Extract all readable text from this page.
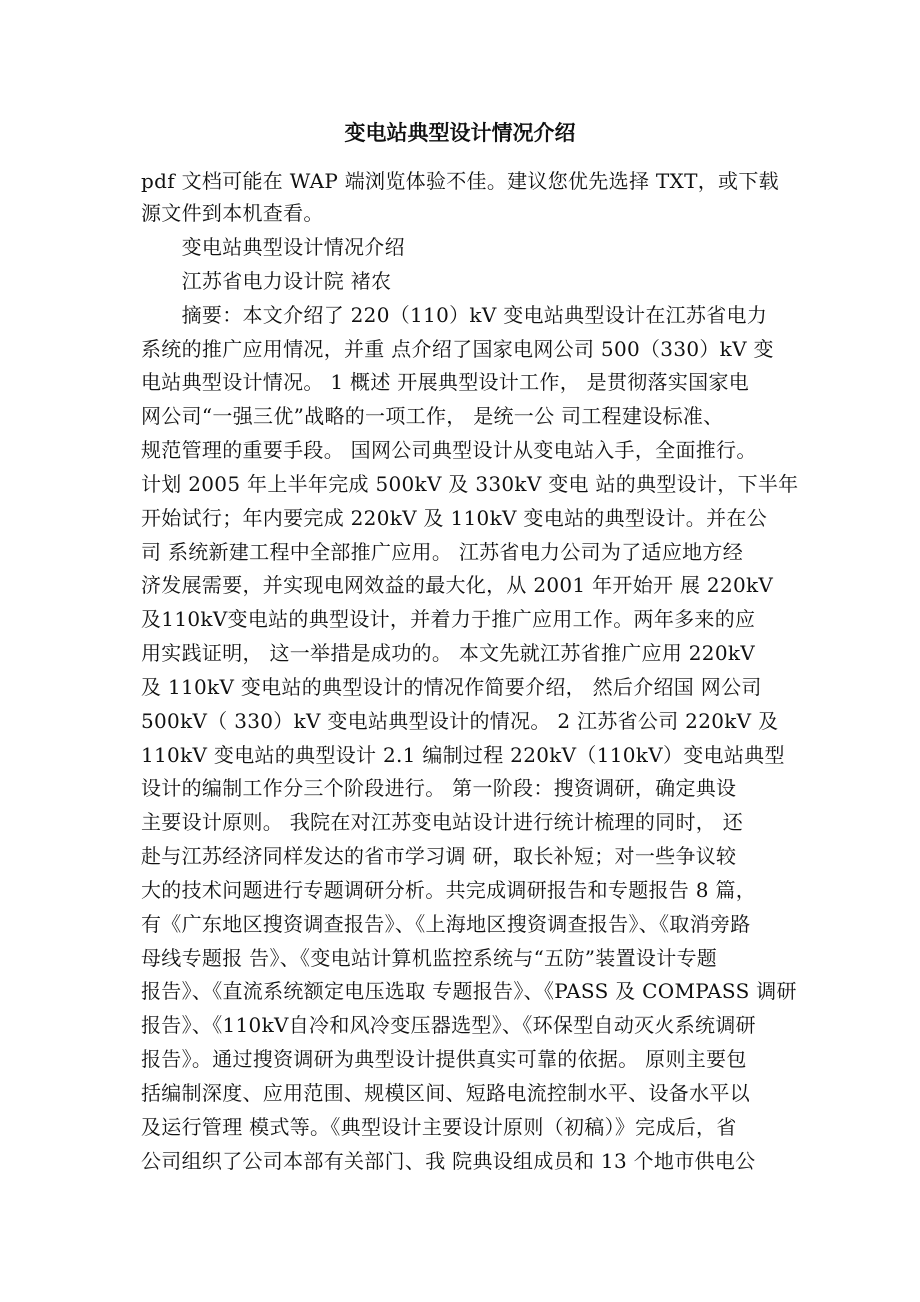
变电站典型设计情况介绍
pdf 文档可能在 WAP 端浏览体验不佳。建议您优先选择 TXT，或下载
源文件到本机查看。
　　变电站典型设计情况介绍
　　江苏省电力设计院 褚农
　　摘要：本文介绍了 220（110）kV 变电站典型设计在江苏省电力
系统的推广应用情况，并重 点介绍了国家电网公司 500（330）kV 变
电站典型设计情况。 1 概述 开展典型设计工作， 是贯彻落实国家电
网公司“一强三优”战略的一项工作， 是统一公 司工程建设标准、
规范管理的重要手段。 国网公司典型设计从变电站入手，全面推行。
计划 2005 年上半年完成 500kV 及 330kV 变电 站的典型设计，下半年
开始试行；年内要完成 220kV 及 110kV 变电站的典型设计。并在公
司 系统新建工程中全部推广应用。 江苏省电力公司为了适应地方经
济发展需要，并实现电网效益的最大化，从 2001 年开始开 展 220kV
及110kV变电站的典型设计，并着力于推广应用工作。两年多来的应
用实践证明， 这一举措是成功的。 本文先就江苏省推广应用 220kV
及 110kV 变电站的典型设计的情况作简要介绍， 然后介绍国 网公司
500kV（ 330）kV 变电站典型设计的情况。 2 江苏省公司 220kV 及
110kV 变电站的典型设计 2.1 编制过程 220kV（110kV）变电站典型
设计的编制工作分三个阶段进行。 第一阶段：搜资调研，确定典设
主要设计原则。 我院在对江苏变电站设计进行统计梳理的同时， 还
赴与江苏经济同样发达的省市学习调 研，取长补短；对一些争议较
大的技术问题进行专题调研分析。共完成调研报告和专题报告 8 篇，
有《广东地区搜资调查报告》、《上海地区搜资调查报告》、《取消旁路
母线专题报 告》、《变电站计算机监控系统与“五防”装置设计专题
报告》、《直流系统额定电压选取 专题报告》、《PASS 及 COMPASS 调研
报告》、《110kV自冷和风冷变压器选型》、《环保型自动灭火系统调研
报告》。通过搜资调研为典型设计提供真实可靠的依据。 原则主要包
括编制深度、应用范围、规模区间、短路电流控制水平、设备水平以
及运行管理 模式等。《典型设计主要设计原则（初稿）》完成后，省
公司组织了公司本部有关部门、我 院典设组成员和 13 个地市供电公
